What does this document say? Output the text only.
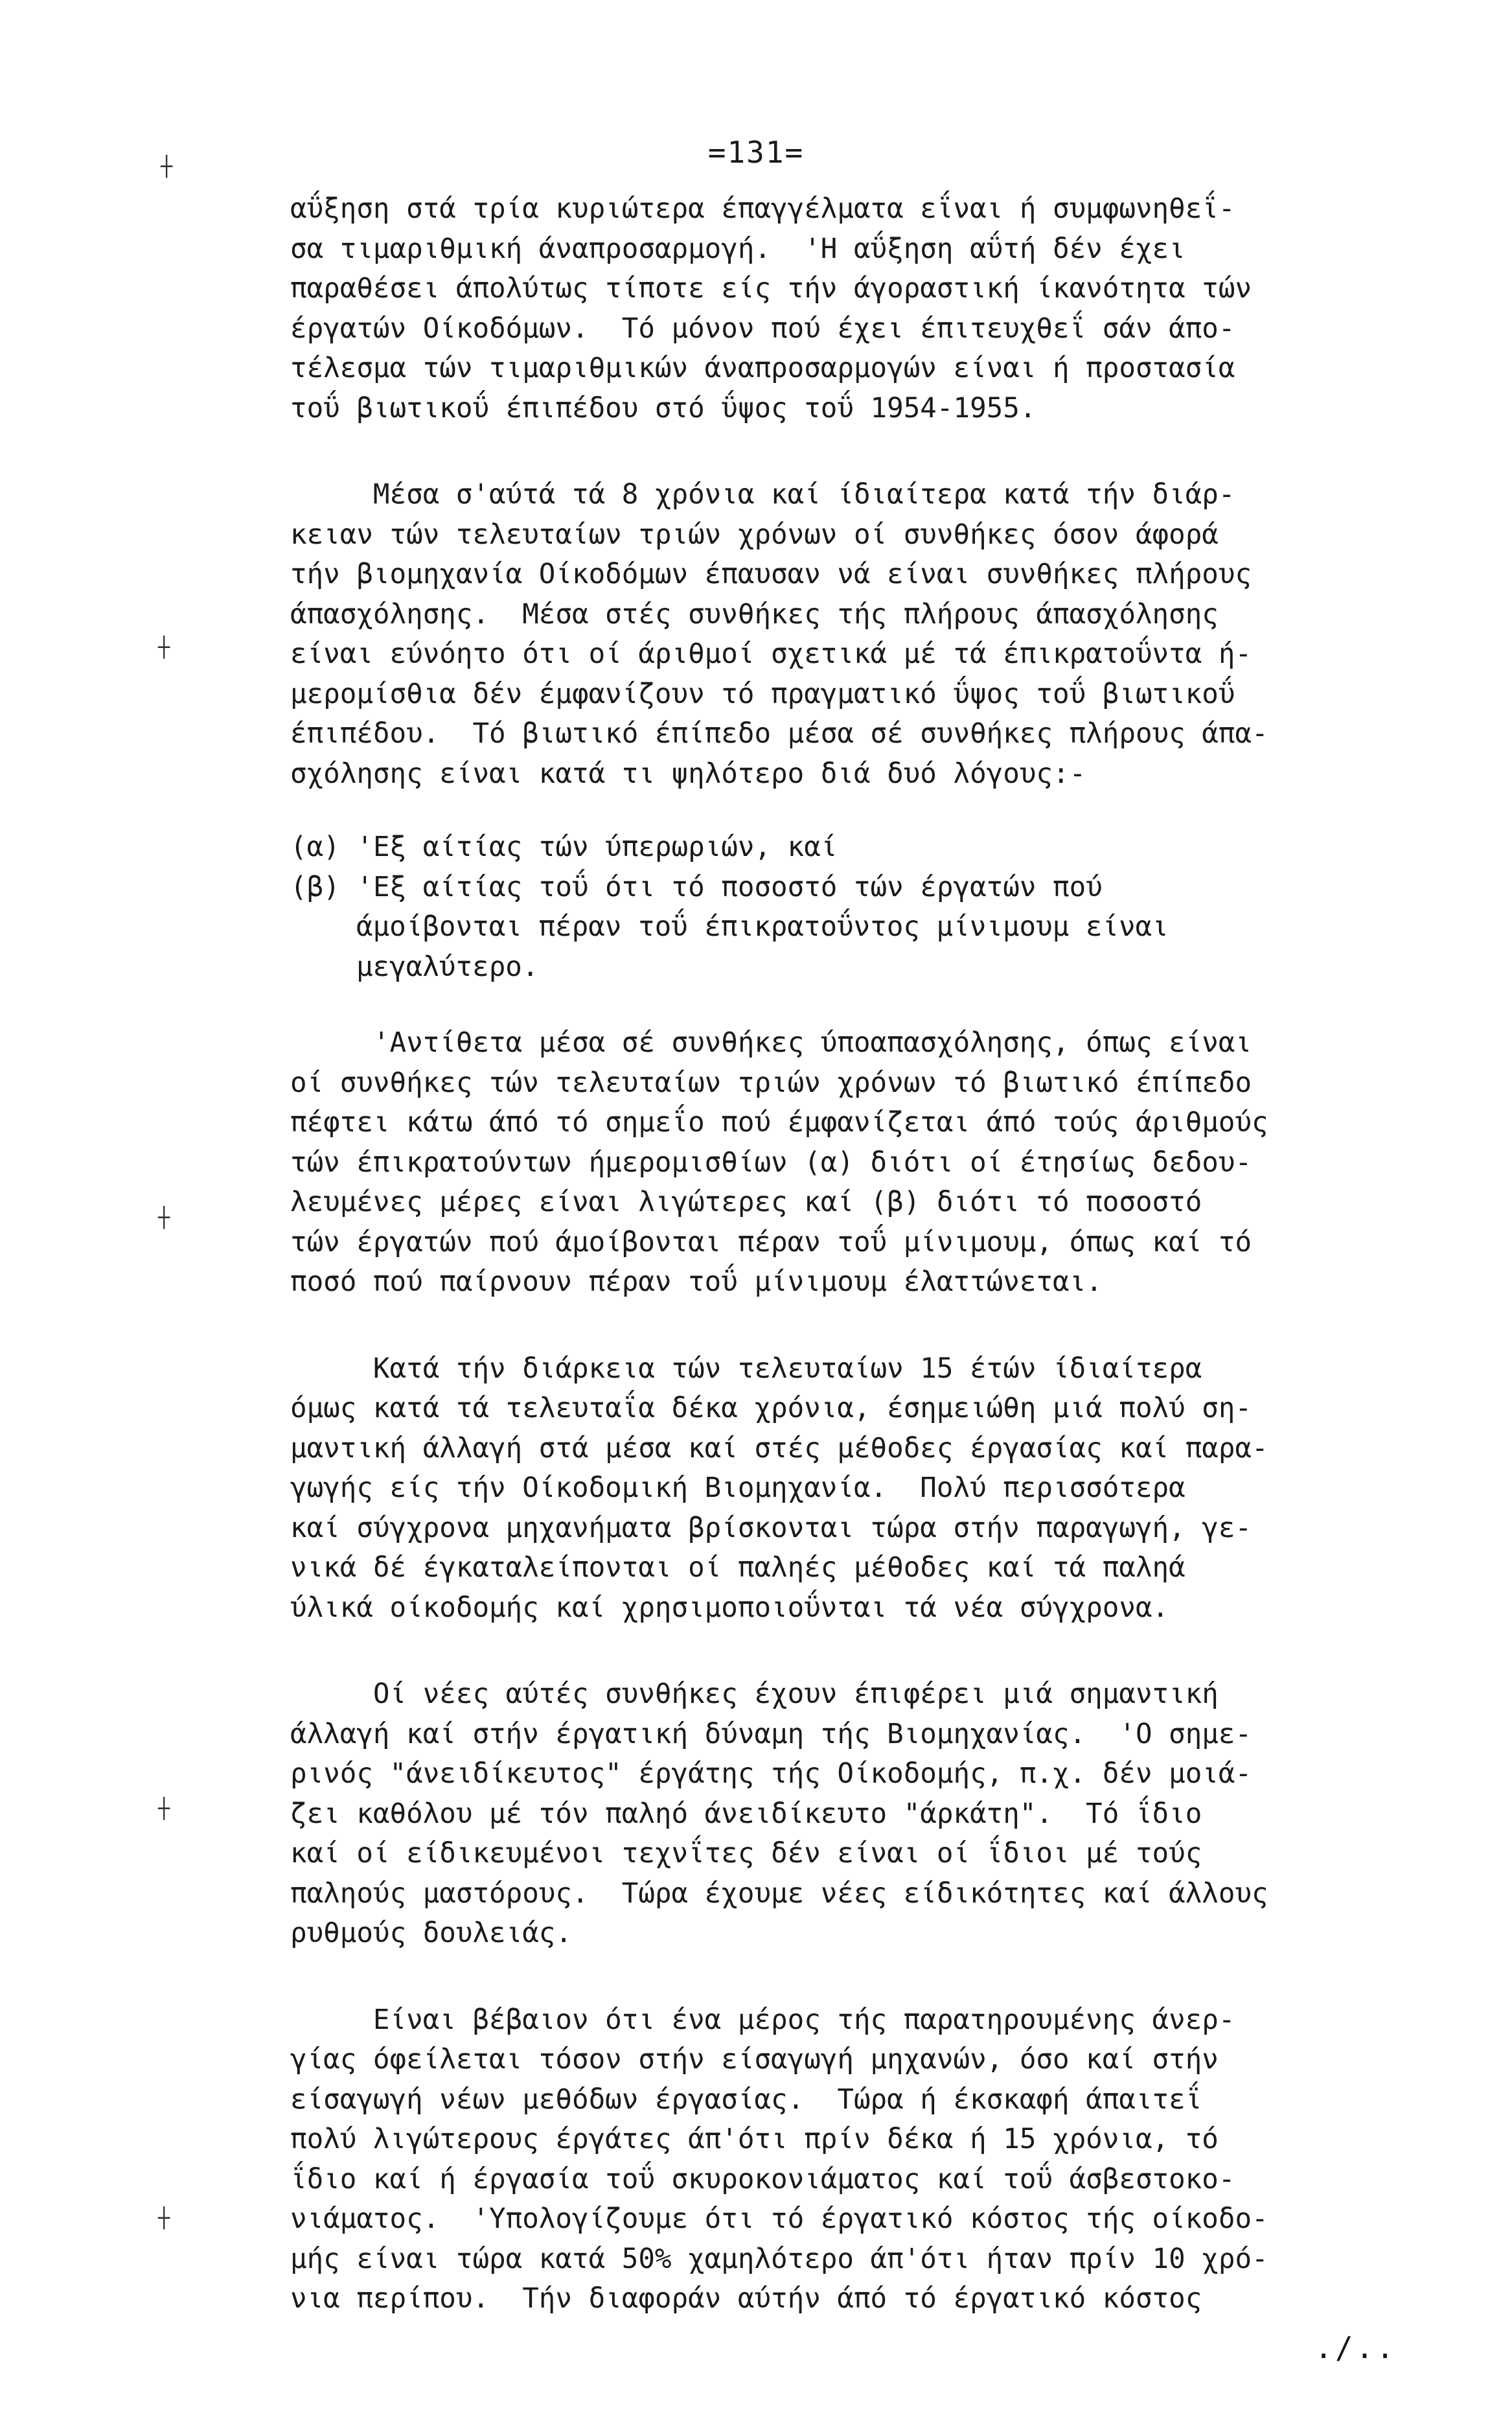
┼
┼
┼
┼
┼
=131=
αΰξηση στά τρία κυριώτερα έπαγγέλματα εΐναι ή συμφωνηθεΐ-
σα τιμαριθμική άναπροσαρμογή.  'Η αΰξηση αΰτή δέν έχει
παραθέσει άπολύτως τίποτε είς τήν άγοραστική ίκανότητα τών
έργατών Οίκοδόμων.  Τό μόνον πού έχει έπιτευχθεΐ σάν άπο-
τέλεσμα τών τιμαριθμικών άναπροσαρμογών είναι ή προστασία
τοΰ βιωτικοΰ έπιπέδου στό ΰψος τοΰ 1954-1955.
Μέσα σ'αύτά τά 8 χρόνια καί ίδιαίτερα κατά τήν διάρ-
κειαν τών τελευταίων τριών χρόνων οί συνθήκες όσον άφορά
τήν βιομηχανία Οίκοδόμων έπαυσαν νά είναι συνθήκες πλήρους
άπασχόλησης.  Μέσα στές συνθήκες τής πλήρους άπασχόλησης
είναι εύνόητο ότι οί άριθμοί σχετικά μέ τά έπικρατοΰντα ή-
μερομίσθια δέν έμφανίζουν τό πραγματικό ΰψος τοΰ βιωτικοΰ
έπιπέδου.  Τό βιωτικό έπίπεδο μέσα σέ συνθήκες πλήρους άπα-
σχόλησης είναι κατά τι ψηλότερο διά δυό λόγους:-
(α) 'Εξ αίτίας τών ύπερωριών, καί
(β) 'Εξ αίτίας τοΰ ότι τό ποσοστό τών έργατών πού
άμοίβονται πέραν τοΰ έπικρατοΰντος μίνιμουμ είναι
μεγαλύτερο.
'Αντίθετα μέσα σέ συνθήκες ύποαπασχόλησης, όπως είναι
οί συνθήκες τών τελευταίων τριών χρόνων τό βιωτικό έπίπεδο
πέφτει κάτω άπό τό σημεΐο πού έμφανίζεται άπό τούς άριθμούς
τών έπικρατούντων ήμερομισθίων (α) διότι οί έτησίως δεδου-
λευμένες μέρες είναι λιγώτερες καί (β) διότι τό ποσοστό
τών έργατών πού άμοίβονται πέραν τοΰ μίνιμουμ, όπως καί τό
ποσό πού παίρνουν πέραν τοΰ μίνιμουμ έλαττώνεται.
Κατά τήν διάρκεια τών τελευταίων 15 έτών ίδιαίτερα
όμως κατά τά τελευταΐα δέκα χρόνια, έσημειώθη μιά πολύ ση-
μαντική άλλαγή στά μέσα καί στές μέθοδες έργασίας καί παρα-
γωγής είς τήν Οίκοδομική Βιομηχανία.  Πολύ περισσότερα
καί σύγχρονα μηχανήματα βρίσκονται τώρα στήν παραγωγή, γε-
νικά δέ έγκαταλείπονται οί παληές μέθοδες καί τά παληά
ύλικά οίκοδομής καί χρησιμοποιοΰνται τά νέα σύγχρονα.
Οί νέες αύτές συνθήκες έχουν έπιφέρει μιά σημαντική
άλλαγή καί στήν έργατική δύναμη τής Βιομηχανίας.  'Ο σημε-
ρινός "άνειδίκευτος" έργάτης τής Οίκοδομής, π.χ. δέν μοιά-
ζει καθόλου μέ τόν παληό άνειδίκευτο "άρκάτη".  Τό ΐδιο
καί οί είδικευμένοι τεχνΐτες δέν είναι οί ΐδιοι μέ τούς
παληούς μαστόρους.  Τώρα έχουμε νέες είδικότητες καί άλλους
ρυθμούς δουλειάς.
Είναι βέβαιον ότι ένα μέρος τής παρατηρουμένης άνερ-
γίας όφείλεται τόσον στήν είσαγωγή μηχανών, όσο καί στήν
είσαγωγή νέων μεθόδων έργασίας.  Τώρα ή έκσκαφή άπαιτεΐ
πολύ λιγώτερους έργάτες άπ'ότι πρίν δέκα ή 15 χρόνια, τό
ΐδιο καί ή έργασία τοΰ σκυροκονιάματος καί τοΰ άσβεστοκο-
νιάματος.  'Υπολογίζουμε ότι τό έργατικό κόστος τής οίκοδο-
μής είναι τώρα κατά 50% χαμηλότερο άπ'ότι ήταν πρίν 10 χρό-
νια περίπου.  Τήν διαφοράν αύτήν άπό τό έργατικό κόστος
./..
